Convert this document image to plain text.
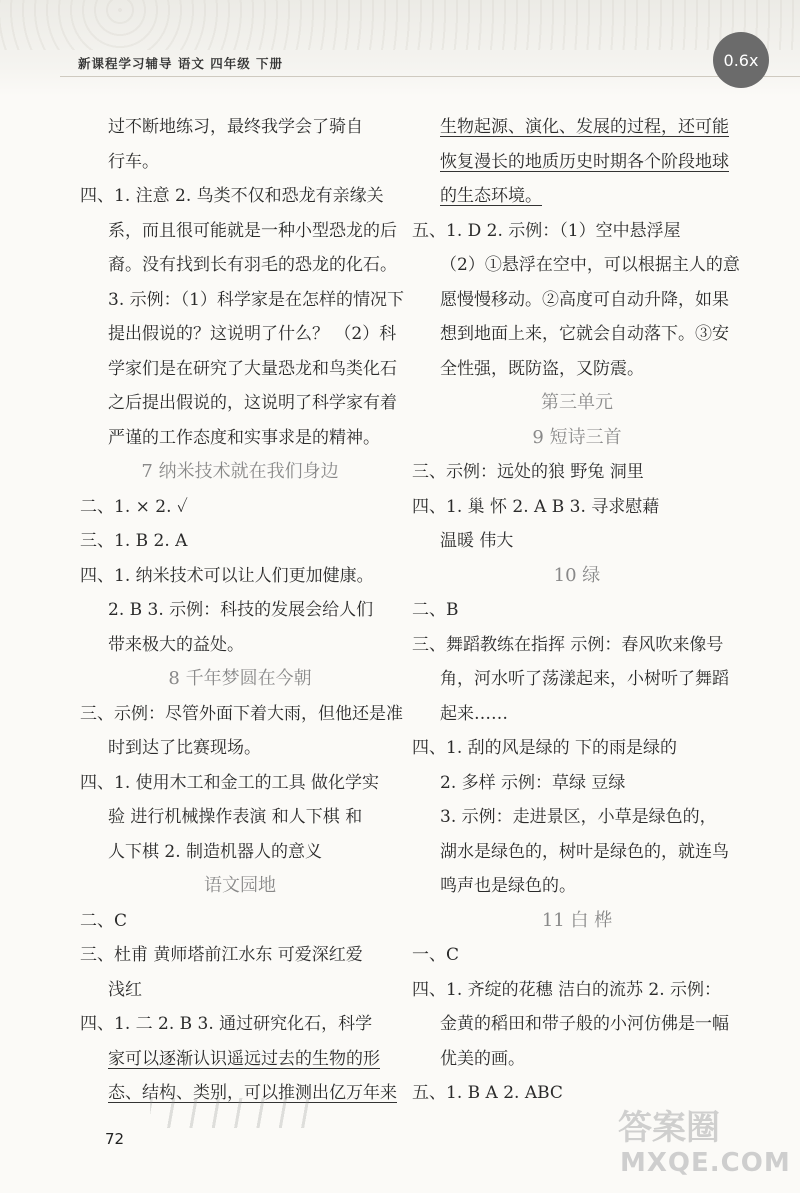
新课程学习辅导 语文 四年级 下册	0.6x
过不断地练习，最终我学会了骑自
行车。
四、1. 注意 2. 鸟类不仅和恐龙有亲缘关
系，而且很可能就是一种小型恐龙的后
裔。没有找到长有羽毛的恐龙的化石。
3. 示例：（1）科学家是在怎样的情况下
提出假说的？这说明了什么？ （2）科
学家们是在研究了大量恐龙和鸟类化石
之后提出假说的，这说明了科学家有着
严谨的工作态度和实事求是的精神。
7 纳米技术就在我们身边
二、1. × 2. ✓
三、1. B 2. A
四、1. 纳米技术可以让人们更加健康。
2. B 3. 示例：科技的发展会给人们
带来极大的益处。
8 千年梦圆在今朝
三、示例：尽管外面下着大雨，但他还是准
时到达了比赛现场。
四、1. 使用木工和金工的工具 做化学实
验 进行机械操作表演 和人下棋 和
人下棋 2. 制造机器人的意义
语文园地
二、C
三、杜甫 黄师塔前江水东 可爱深红爱
浅红
四、1. 二 2. B 3. 通过研究化石，科学
家可以逐渐认识遥远过去的生物的形
态、结构、类别，可以推测出亿万年来
生物起源、演化、发展的过程，还可能
恢复漫长的地质历史时期各个阶段地球
的生态环境。
五、1. D 2. 示例：（1）空中悬浮屋
（2）①悬浮在空中，可以根据主人的意
愿慢慢移动。②高度可自动升降，如果
想到地面上来，它就会自动落下。③安
全性强，既防盗，又防震。
第三单元
9 短诗三首
三、示例：远处的狼 野兔 洞里
四、1. 巢 怀 2. A B 3. 寻求慰藉
温暖 伟大
10 绿
二、B
三、舞蹈教练在指挥 示例：春风吹来像号
角，河水听了荡漾起来，小树听了舞蹈
起来……
四、1. 刮的风是绿的 下的雨是绿的
2. 多样 示例：草绿 豆绿
3. 示例：走进景区，小草是绿色的，
湖水是绿色的，树叶是绿色的，就连鸟
鸣声也是绿色的。
11 白 桦
一、C
四、1. 齐绽的花穗 洁白的流苏 2. 示例：
金黄的稻田和带子般的小河仿佛是一幅
优美的画。
五、1. B A 2. ABC
72	答案圈
MXQE.COM
